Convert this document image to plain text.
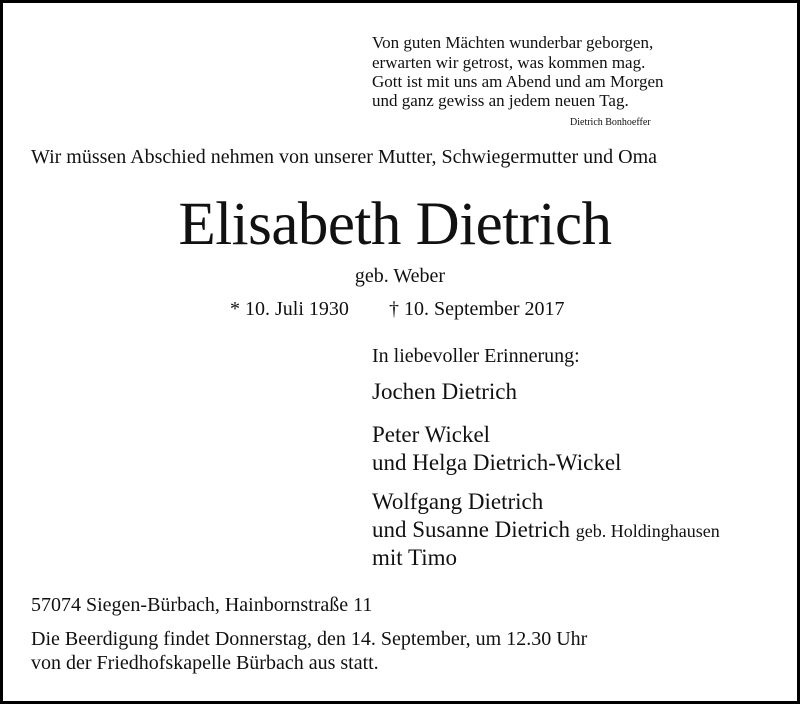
Von guten Mächten wunderbar geborgen,
erwarten wir getrost, was kommen mag.
Gott ist mit uns am Abend und am Morgen
und ganz gewiss an jedem neuen Tag.
Dietrich Bonhoeffer
Wir müssen Abschied nehmen von unserer Mutter, Schwiegermutter und Oma
Elisabeth Dietrich
geb. Weber
* 10. Juli 1930 † 10. September 2017
In liebevoller Erinnerung:
Jochen Dietrich
Peter Wickel
und Helga Dietrich-Wickel
Wolfgang Dietrich
und Susanne Dietrich geb. Holdinghausen
mit Timo
57074 Siegen-Bürbach, Hainbornstraße 11
Die Beerdigung findet Donnerstag, den 14. September, um 12.30 Uhr
von der Friedhofskapelle Bürbach aus statt.
